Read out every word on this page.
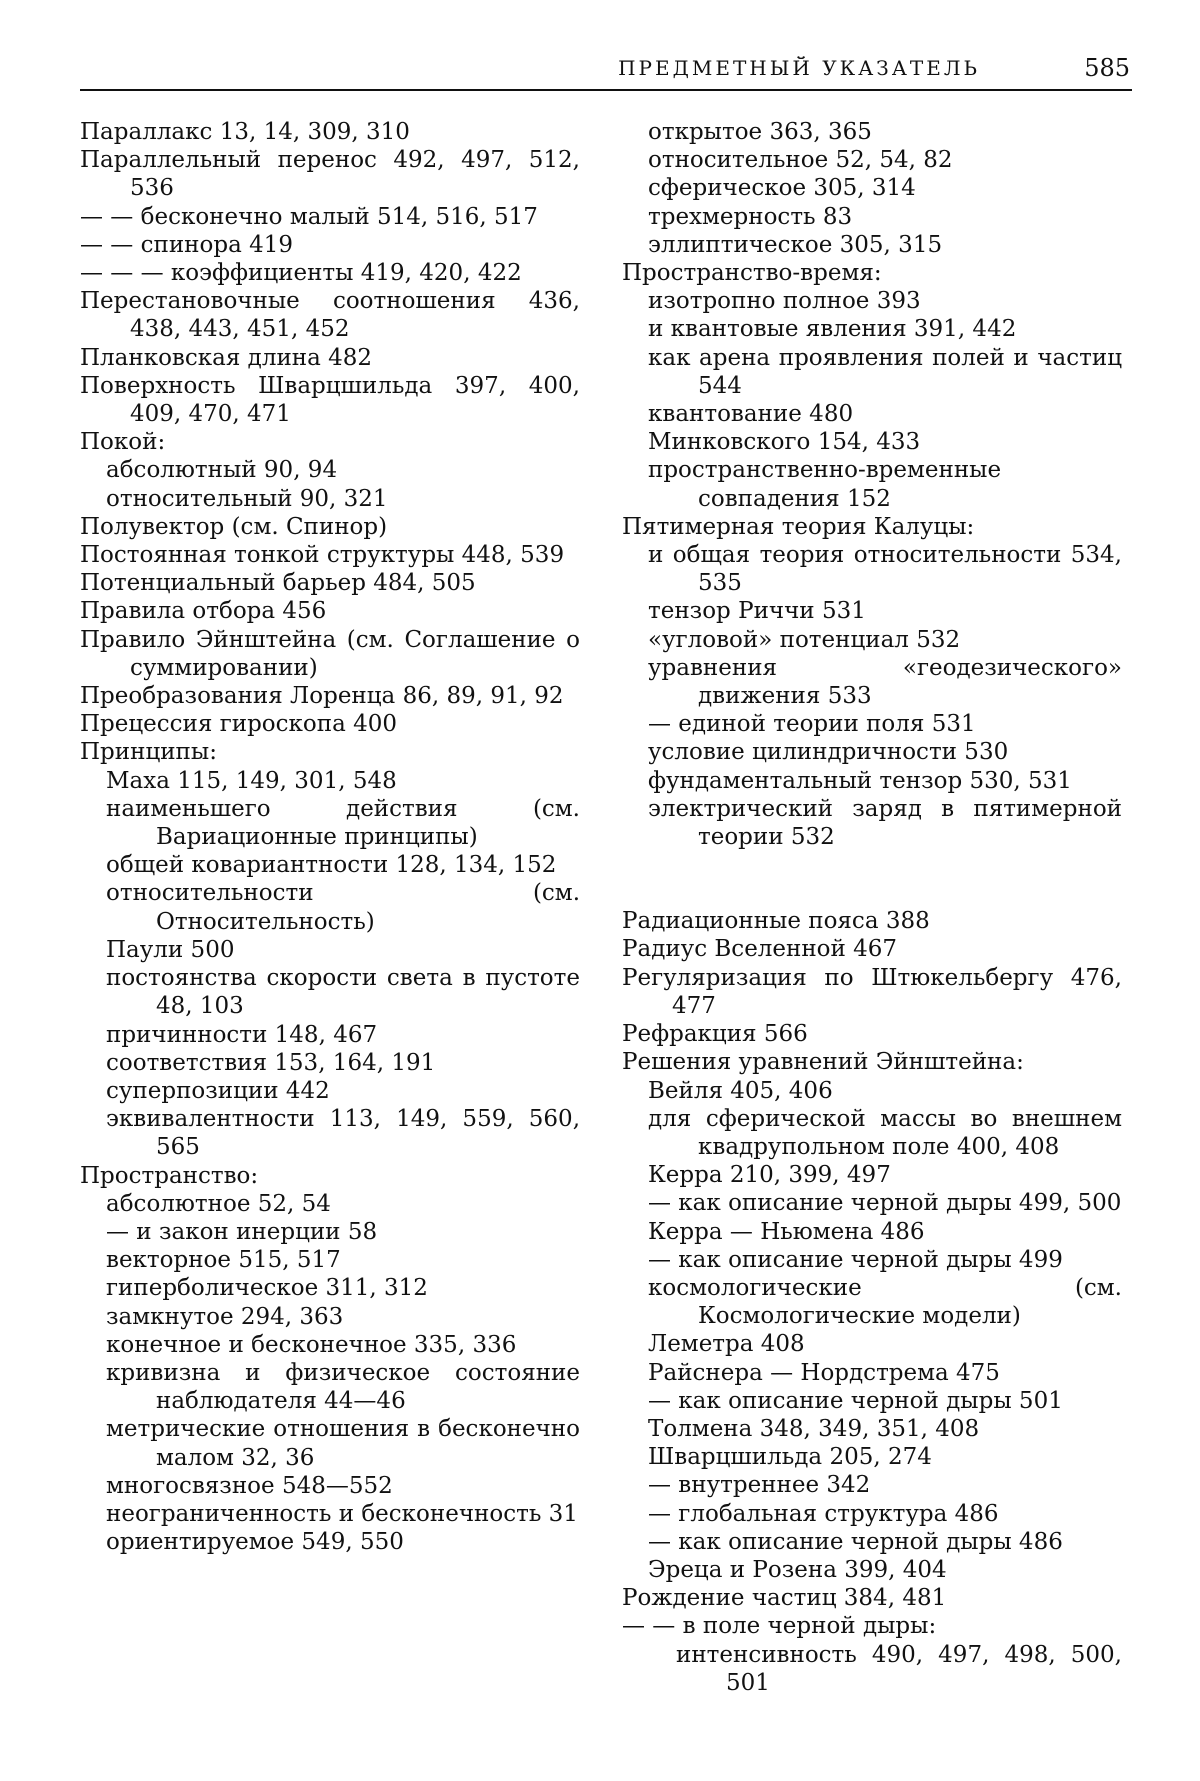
ПРЕДМЕТНЫЙ УКАЗАТЕЛЬ	585
Параллакс 13, 14, 309, 310
Параллельный перенос 492, 497, 512, 536
— — бесконечно малый 514, 516, 517
— — спинора 419
— — — коэффициенты 419, 420, 422
Перестановочные соотношения 436, 438, 443, 451, 452
Планковская длина 482
Поверхность Шварцшильда 397, 400, 409, 470, 471
Покой:
абсолютный 90, 94
относительный 90, 321
Полувектор (см. Спинор)
Постоянная тонкой структуры 448, 539
Потенциальный барьер 484, 505
Правила отбора 456
Правило Эйнштейна (см. Соглашение о суммировании)
Преобразования Лоренца 86, 89, 91, 92
Прецессия гироскопа 400
Принципы:
Маха 115, 149, 301, 548
наименьшего действия (см. Вариационные принципы)
общей ковариантности 128, 134, 152
относительности (см. Относительность)
Паули 500
постоянства скорости света в пустоте 48, 103
причинности 148, 467
соответствия 153, 164, 191
суперпозиции 442
эквивалентности 113, 149, 559, 560, 565
Пространство:
абсолютное 52, 54
— и закон инерции 58
векторное 515, 517
гиперболическое 311, 312
замкнутое 294, 363
конечное и бесконечное 335, 336
кривизна и физическое состояние наблюдателя 44—46
метрические отношения в бесконечно малом 32, 36
многосвязное 548—552
неограниченность и бесконечность 31
ориентируемое 549, 550
открытое 363, 365
относительное 52, 54, 82
сферическое 305, 314
трехмерность 83
эллиптическое 305, 315
Пространство-время:
изотропно полное 393
и квантовые явления 391, 442
как арена проявления полей и частиц 544
квантование 480
Минковского 154, 433
пространственно-временные совпадения 152
Пятимерная теория Калуцы:
и общая теория относительности 534, 535
тензор Риччи 531
«угловой» потенциал 532
уравнения «геодезического» движения 533
— единой теории поля 531
условие цилиндричности 530
фундаментальный тензор 530, 531
электрический заряд в пятимерной теории 532
Радиационные пояса 388
Радиус Вселенной 467
Регуляризация по Штюкельбергу 476, 477
Рефракция 566
Решения уравнений Эйнштейна:
Вейля 405, 406
для сферической массы во внешнем квадрупольном поле 400, 408
Керра 210, 399, 497
— как описание черной дыры 499, 500
Керра — Ньюмена 486
— как описание черной дыры 499
космологические (см. Космологические модели)
Леметра 408
Райснера — Нордстрема 475
— как описание черной дыры 501
Толмена 348, 349, 351, 408
Шварцшильда 205, 274
— внутреннее 342
— глобальная структура 486
— как описание черной дыры 486
Эреца и Розена 399, 404
Рождение частиц 384, 481
— — в поле черной дыры:
интенсивность 490, 497, 498, 500, 501
